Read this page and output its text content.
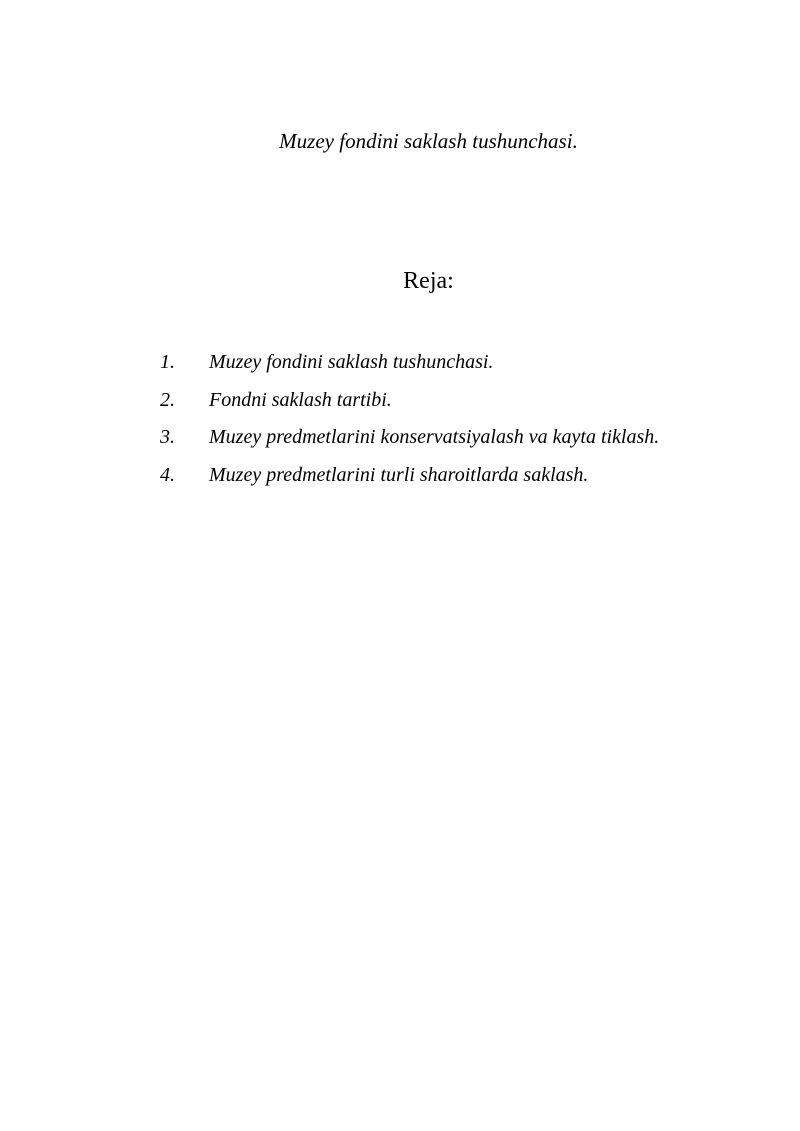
Muzey fondini saklash tushunchasi.
Reja:
1.	Muzey fondini saklash tushunchasi.
2.	Fondni saklash tartibi.
3.	Muzey predmetlarini konservatsiyalash va kayta tiklash.
4.	Muzey predmetlarini turli sharoitlarda saklash.
